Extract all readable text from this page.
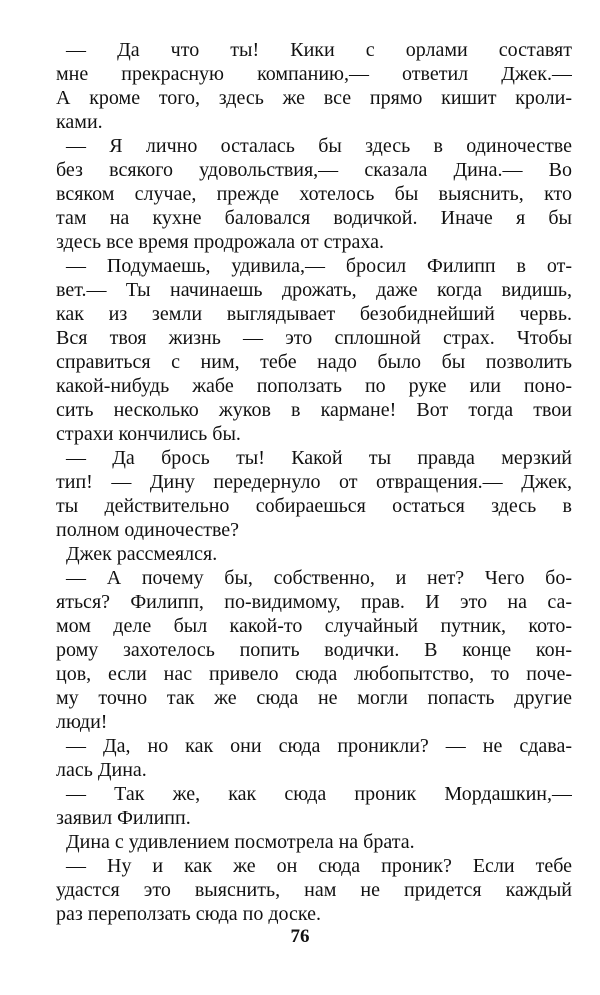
— Да что ты! Кики с орлами составят
мне прекрасную компанию,— ответил Джек.—
А кроме того, здесь же все прямо кишит кроли-
ками.
— Я лично осталась бы здесь в одиночестве
без всякого удовольствия,— сказала Дина.— Во
всяком случае, прежде хотелось бы выяснить, кто
там на кухне баловался водичкой. Иначе я бы
здесь все время продрожала от страха.
— Подумаешь, удивила,— бросил Филипп в от-
вет.— Ты начинаешь дрожать, даже когда видишь,
как из земли выглядывает безобиднейший червь.
Вся твоя жизнь — это сплошной страх. Чтобы
справиться с ним, тебе надо было бы позволить
какой-нибудь жабе поползать по руке или поно-
сить несколько жуков в кармане! Вот тогда твои
страхи кончились бы.
— Да брось ты! Какой ты правда мерзкий
тип! — Дину передернуло от отвращения.— Джек,
ты действительно собираешься остаться здесь в
полном одиночестве?
Джек рассмеялся.
— А почему бы, собственно, и нет? Чего бо-
яться? Филипп, по-видимому, прав. И это на са-
мом деле был какой-то случайный путник, кото-
рому захотелось попить водички. В конце кон-
цов, если нас привело сюда любопытство, то поче-
му точно так же сюда не могли попасть другие
люди!
— Да, но как они сюда проникли? — не сдава-
лась Дина.
— Так же, как сюда проник Мордашкин,—
заявил Филипп.
Дина с удивлением посмотрела на брата.
— Ну и как же он сюда проник? Если тебе
удастся это выяснить, нам не придется каждый
раз переползать сюда по доске.
76
